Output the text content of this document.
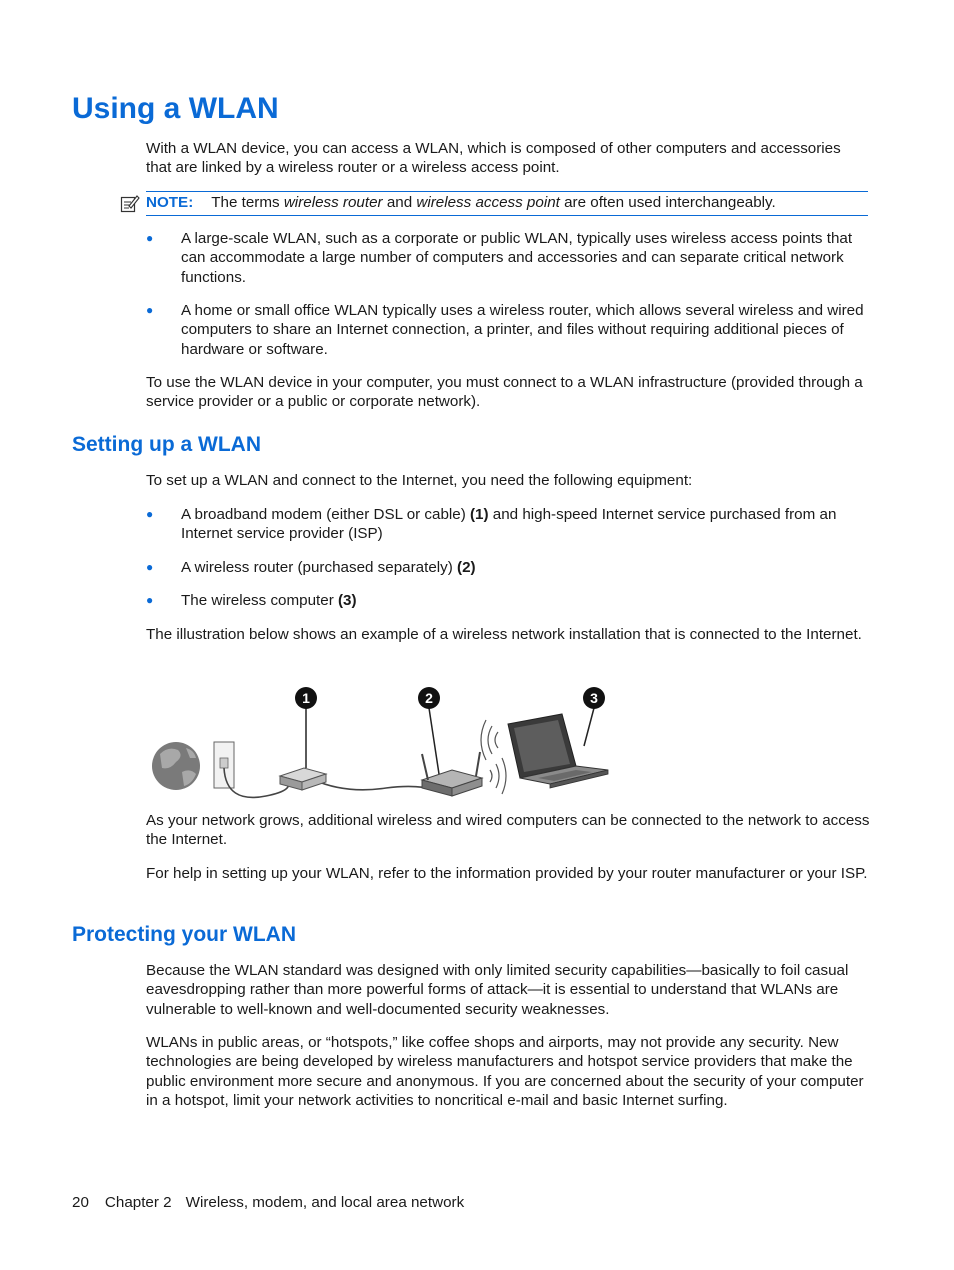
Using a WLAN

With a WLAN device, you can access a WLAN, which is composed of other computers and accessories that are linked by a wireless router or a wireless access point.

NOTE: The terms wireless router and wireless access point are often used interchangeably.
● A large-scale WLAN, such as a corporate or public WLAN, typically uses wireless access points that can accommodate a large number of computers and accessories and can separate critical network functions.
● A home or small office WLAN typically uses a wireless router, which allows several wireless and wired computers to share an Internet connection, a printer, and files without requiring additional pieces of hardware or software.

To use the WLAN device in your computer, you must connect to a WLAN infrastructure (provided through a service provider or a public or corporate network).

Setting up a WLAN

To set up a WLAN and connect to the Internet, you need the following equipment:

● A broadband modem (either DSL or cable) (1) and high-speed Internet service purchased from an Internet service provider (ISP)
● A wireless router (purchased separately) (2)
● The wireless computer (3)

The illustration below shows an example of a wireless network installation that is connected to the Internet.

1	2	3

As your network grows, additional wireless and wired computers can be connected to the network to access the Internet.

For help in setting up your WLAN, refer to the information provided by your router manufacturer or your ISP.

Protecting your WLAN

Because the WLAN standard was designed with only limited security capabilities—basically to foil casual eavesdropping rather than more powerful forms of attack—it is essential to understand that WLANs are vulnerable to well-known and well-documented security weaknesses.

WLANs in public areas, or “hotspots,” like coffee shops and airports, may not provide any security. New technologies are being developed by wireless manufacturers and hotspot service providers that make the public environment more secure and anonymous. If you are concerned about the security of your computer in a hotspot, limit your network activities to noncritical e-mail and basic Internet surfing.

20 Chapter 2 Wireless, modem, and local area network
